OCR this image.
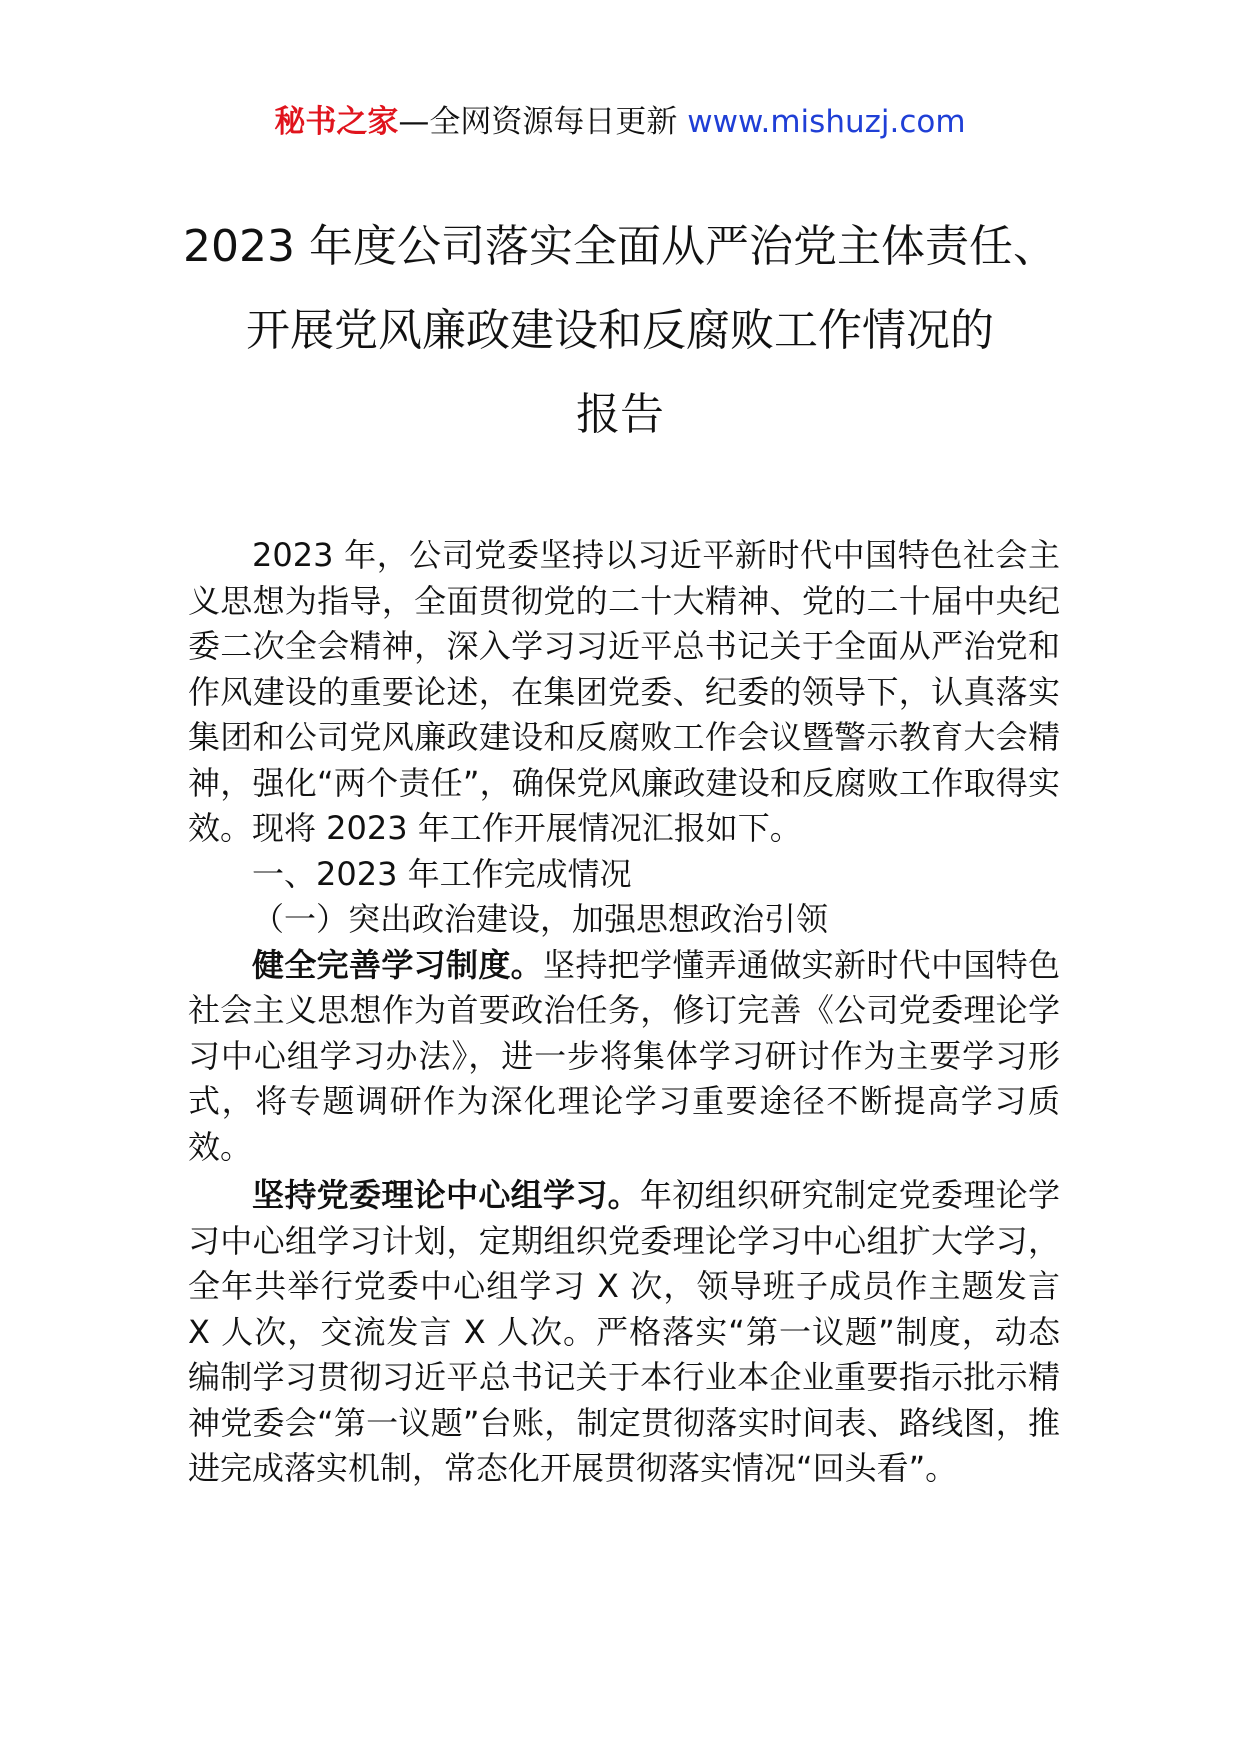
秘书之家—全网资源每日更新 www.mishuzj.com
2023 年度公司落实全面从严治党主体责任、
开展党风廉政建设和反腐败工作情况的
报告

2023 年，公司党委坚持以习近平新时代中国特色社会主义思想为指导，全面贯彻党的二十大精神、党的二十届中央纪委二次全会精神，深入学习习近平总书记关于全面从严治党和作风建设的重要论述，在集团党委、纪委的领导下，认真落实集团和公司党风廉政建设和反腐败工作会议暨警示教育大会精神，强化“两个责任”，确保党风廉政建设和反腐败工作取得实效。现将 2023 年工作开展情况汇报如下。

一、2023 年工作完成情况

（一）突出政治建设，加强思想政治引领

健全完善学习制度。坚持把学懂弄通做实新时代中国特色社会主义思想作为首要政治任务，修订完善《公司党委理论学习中心组学习办法》，进一步将集体学习研讨作为主要学习形式，将专题调研作为深化理论学习重要途径不断提高学习质效。

坚持党委理论中心组学习。年初组织研究制定党委理论学习中心组学习计划，定期组织党委理论学习中心组扩大学习，全年共举行党委中心组学习 X 次，领导班子成员作主题发言 X 人次，交流发言 X 人次。严格落实“第一议题”制度，动态编制学习贯彻习近平总书记关于本行业本企业重要指示批示精神党委会“第一议题”台账，制定贯彻落实时间表、路线图，推进完成落实机制，常态化开展贯彻落实情况“回头看”。
